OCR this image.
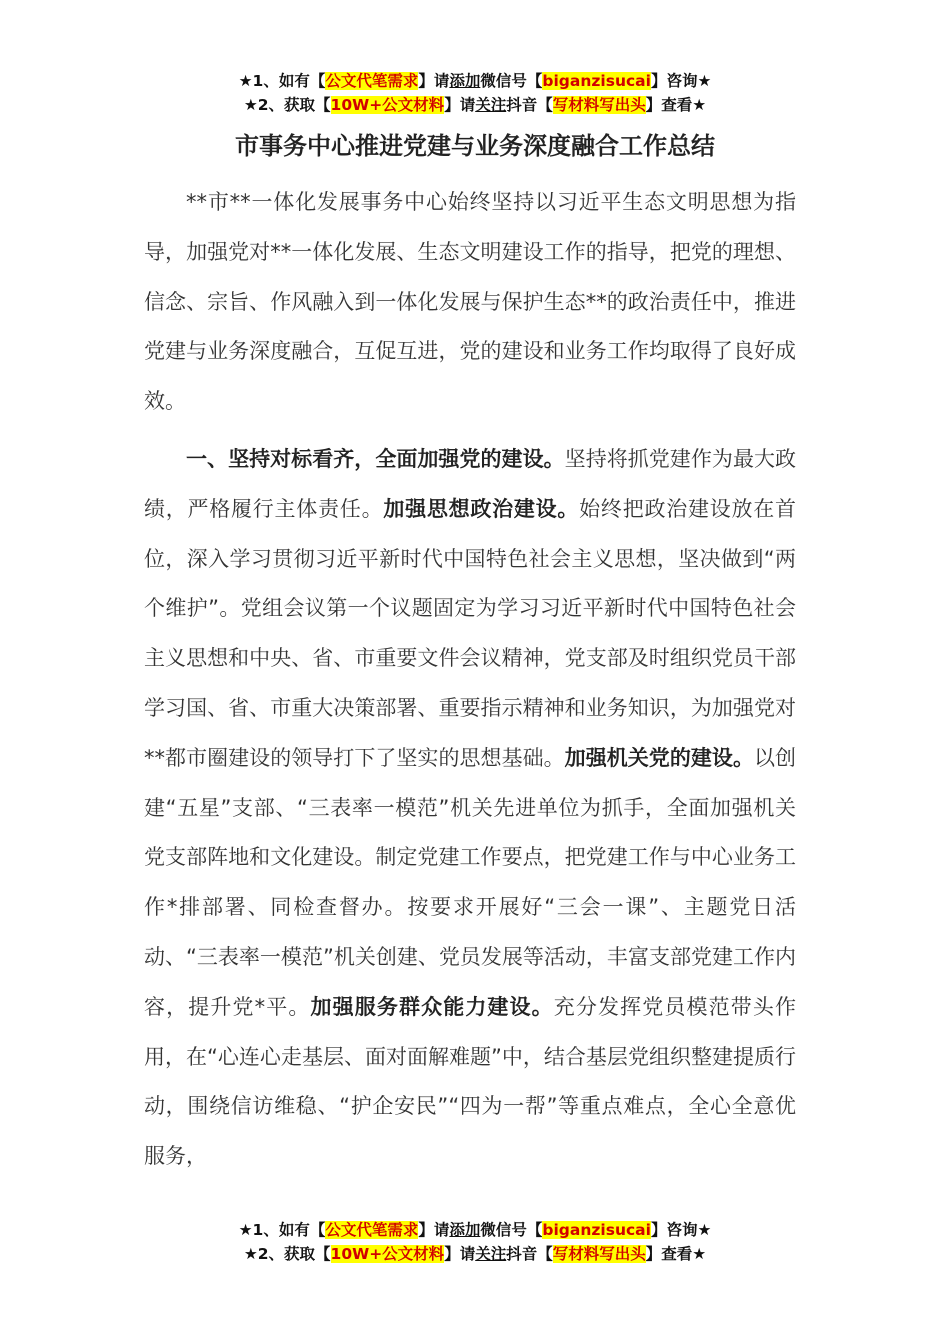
★1、如有【公文代笔需求】请添加微信号【biganzisucai】咨询★
★2、获取【10W+公文材料】请关注抖音【写材料写出头】查看★
市事务中心推进党建与业务深度融合工作总结

**市**一体化发展事务中心始终坚持以习近平生态文明思想为指导，加强党对**一体化发展、生态文明建设工作的指导，把党的理想、信念、宗旨、作风融入到一体化发展与保护生态**的政治责任中，推进党建与业务深度融合，互促互进，党的建设和业务工作均取得了良好成效。

一、坚持对标看齐，全面加强党的建设。坚持将抓党建作为最大政绩，严格履行主体责任。加强思想政治建设。始终把政治建设放在首位，深入学习贯彻习近平新时代中国特色社会主义思想，坚决做到“两个维护”。党组会议第一个议题固定为学习习近平新时代中国特色社会主义思想和中央、省、市重要文件会议精神，党支部及时组织党员干部学习国、省、市重大决策部署、重要指示精神和业务知识，为加强党对**都市圈建设的领导打下了坚实的思想基础。加强机关党的建设。以创建“五星”支部、“三表率一模范”机关先进单位为抓手，全面加强机关党支部阵地和文化建设。制定党建工作要点，把党建工作与中心业务工作*排部署、同检查督办。按要求开展好“三会一课”、主题党日活动、“三表率一模范”机关创建、党员发展等活动，丰富支部党建工作内容，提升党*平。加强服务群众能力建设。充分发挥党员模范带头作用，在“心连心走基层、面对面解难题”中，结合基层党组织整建提质行动，围绕信访维稳、“护企安民”“四为一帮”等重点难点，全心全意优服务，

★1、如有【公文代笔需求】请添加微信号【biganzisucai】咨询★
★2、获取【10W+公文材料】请关注抖音【写材料写出头】查看★
